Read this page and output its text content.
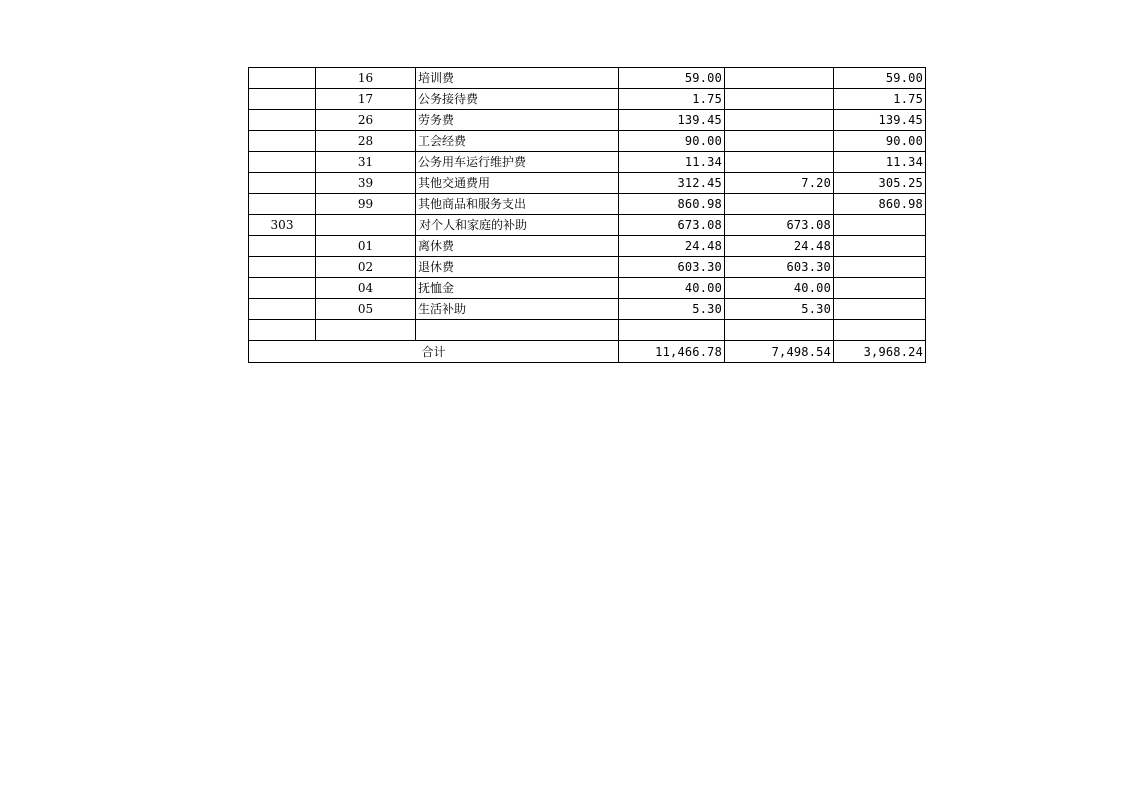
	16	培训费	59.00		59.00
	17	公务接待费	1.75		1.75
	26	劳务费	139.45		139.45
	28	工会经费	90.00		90.00
	31	公务用车运行维护费	11.34		11.34
	39	其他交通费用	312.45	7.20	305.25
	99	其他商品和服务支出	860.98		860.98
303		对个人和家庭的补助	673.08	673.08	
	01	离休费	24.48	24.48	
	02	退休费	603.30	603.30	
	04	抚恤金	40.00	40.00	
	05	生活补助	5.30	5.30	

合计			11,466.78	7,498.54	3,968.24
